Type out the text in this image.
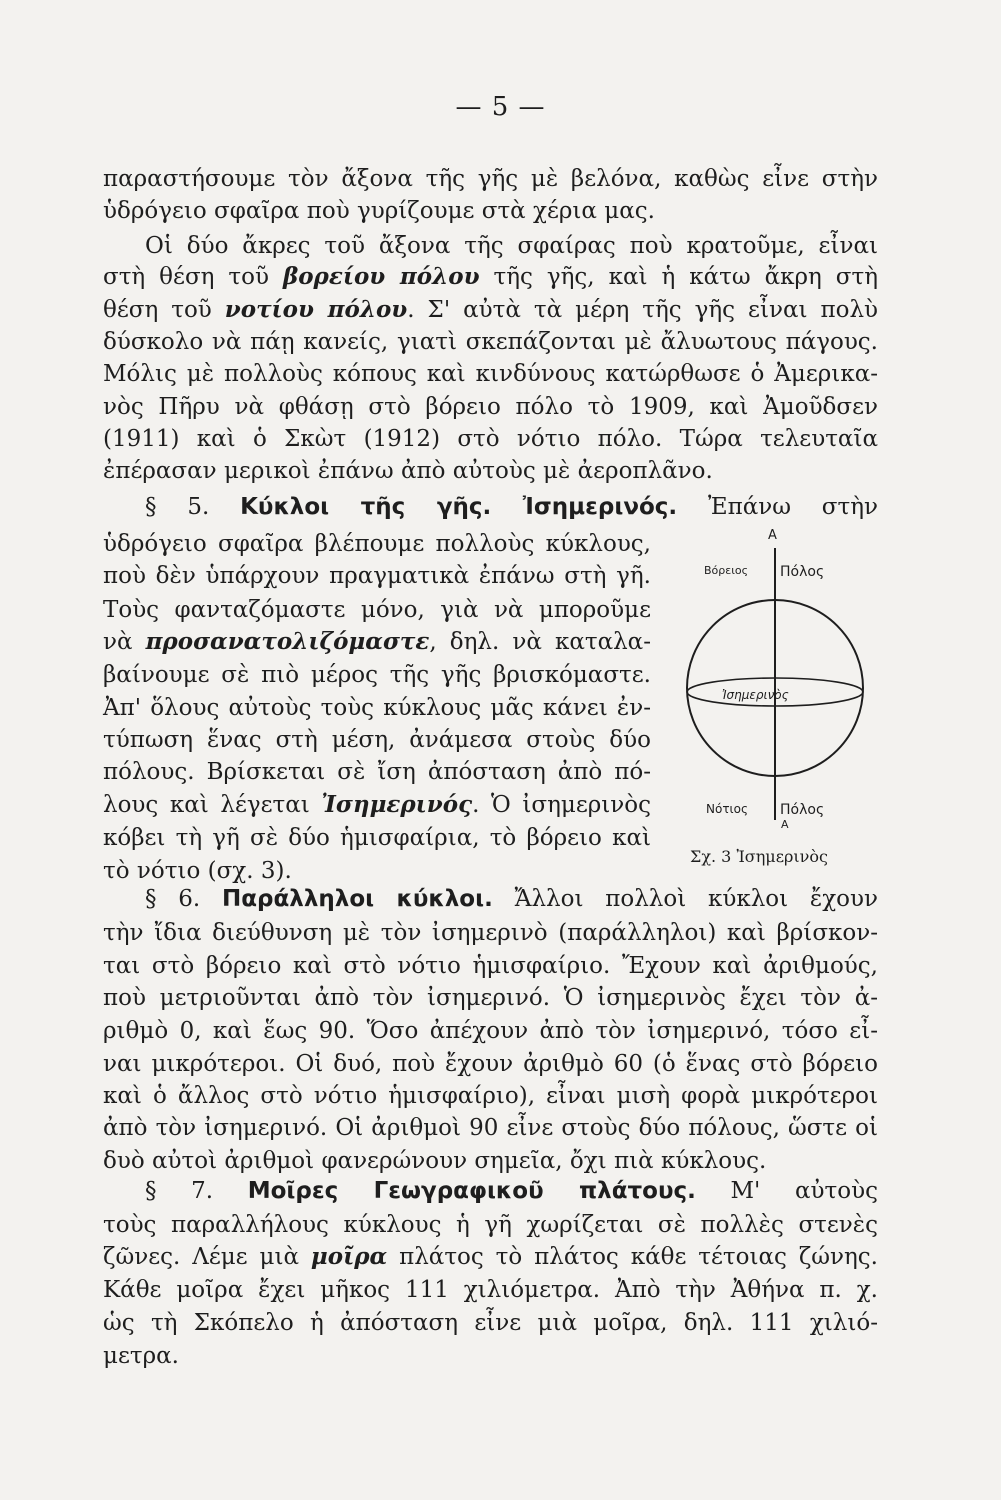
— 5 —
παραστήσουμε τὸν ἄξονα τῆς γῆς μὲ βελόνα, καθὼς εἶνε στὴν
ὑδρόγειο σφαῖρα ποὺ γυρίζουμε στὰ χέρια μας.
Οἱ δύο ἄκρες τοῦ ἄξονα τῆς σφαίρας ποὺ κρατοῦμε, εἶναι
στὴ θέση τοῦ βορείου πόλου τῆς γῆς, καὶ ἡ κάτω ἄκρη στὴ
θέση τοῦ νοτίου πόλου. Σ' αὐτὰ τὰ μέρη τῆς γῆς εἶναι πολὺ
δύσκολο νὰ πάῃ κανείς, γιατὶ σκεπάζονται μὲ ἄλυωτους πάγους.
Μόλις μὲ πολλοὺς κόπους καὶ κινδύνους κατώρθωσε ὁ Ἀμερικα-
νὸς Πῆρυ νὰ φθάσῃ στὸ βόρειο πόλο τὸ 1909, καὶ Ἀμοῦδσεν
(1911) καὶ ὁ Σκὼτ (1912) στὸ νότιο πόλο. Τώρα τελευταῖα
ἐπέρασαν μερικοὶ ἐπάνω ἀπὸ αὐτοὺς μὲ ἀεροπλᾶνο.
§ 5. Κύκλοι τῆς γῆς. Ἰσημερινός. Ἐπάνω στὴν
ὑδρόγειο σφαῖρα βλέπουμε πολλοὺς κύκλους,
ποὺ δὲν ὑπάρχουν πραγματικὰ ἐπάνω στὴ γῆ.
Τοὺς φανταζόμαστε μόνο, γιὰ νὰ μποροῦμε
νὰ προσανατολιζόμαστε, δηλ. νὰ καταλα-
βαίνουμε σὲ πιὸ μέρος τῆς γῆς βρισκόμαστε.
Ἀπ' ὅλους αὐτοὺς τοὺς κύκλους μᾶς κάνει ἐν-
τύπωση ἕνας στὴ μέση, ἀνάμεσα στοὺς δύο
πόλους. Βρίσκεται σὲ ἴση ἀπόσταση ἀπὸ πό-
λους καὶ λέγεται Ἰσημερινός. Ὁ ἰσημερινὸς
κόβει τὴ γῆ σὲ δύο ἡμισφαίρια, τὸ βόρειο καὶ
τὸ νότιο (σχ. 3).
§ 6. Παράλληλοι κύκλοι. Ἄλλοι πολλοὶ κύκλοι ἔχουν
τὴν ἴδια διεύθυνση μὲ τὸν ἰσημερινὸ (παράλληλοι) καὶ βρίσκον-
ται στὸ βόρειο καὶ στὸ νότιο ἡμισφαίριο. Ἔχουν καὶ ἀριθμούς,
ποὺ μετριοῦνται ἀπὸ τὸν ἰσημερινό. Ὁ ἰσημερινὸς ἔχει τὸν ἀ-
ριθμὸ 0, καὶ ἕως 90. Ὅσο ἀπέχουν ἀπὸ τὸν ἰσημερινό, τόσο εἶ-
ναι μικρότεροι. Οἱ δυό, ποὺ ἔχουν ἀριθμὸ 60 (ὁ ἕνας στὸ βόρειο
καὶ ὁ ἄλλος στὸ νότιο ἡμισφαίριο), εἶναι μισὴ φορὰ μικρότεροι
ἀπὸ τὸν ἰσημερινό. Οἱ ἀριθμοὶ 90 εἶνε στοὺς δύο πόλους, ὥστε οἱ
δυὸ αὐτοὶ ἀριθμοὶ φανερώνουν σημεῖα, ὄχι πιὰ κύκλους.
§ 7. Μοῖρες Γεωγραφικοῦ πλάτους. Μ' αὐτοὺς
τοὺς παραλλήλους κύκλους ἡ γῆ χωρίζεται σὲ πολλὲς στενὲς
ζῶνες. Λέμε μιὰ μοῖρα πλάτος τὸ πλάτος κάθε τέτοιας ζώνης.
Κάθε μοῖρα ἔχει μῆκος 111 χιλιόμετρα. Ἀπὸ τὴν Ἀθήνα π. χ.
ὡς τὴ Σκόπελο ἡ ἀπόσταση εἶνε μιὰ μοῖρα, δηλ. 111 χιλιό-
μετρα.
Α
Βόρειος Πόλος
Ἰσημερινὸς
Νότιος Πόλος
Α
Σχ. 3 Ἰσημερινὸς
